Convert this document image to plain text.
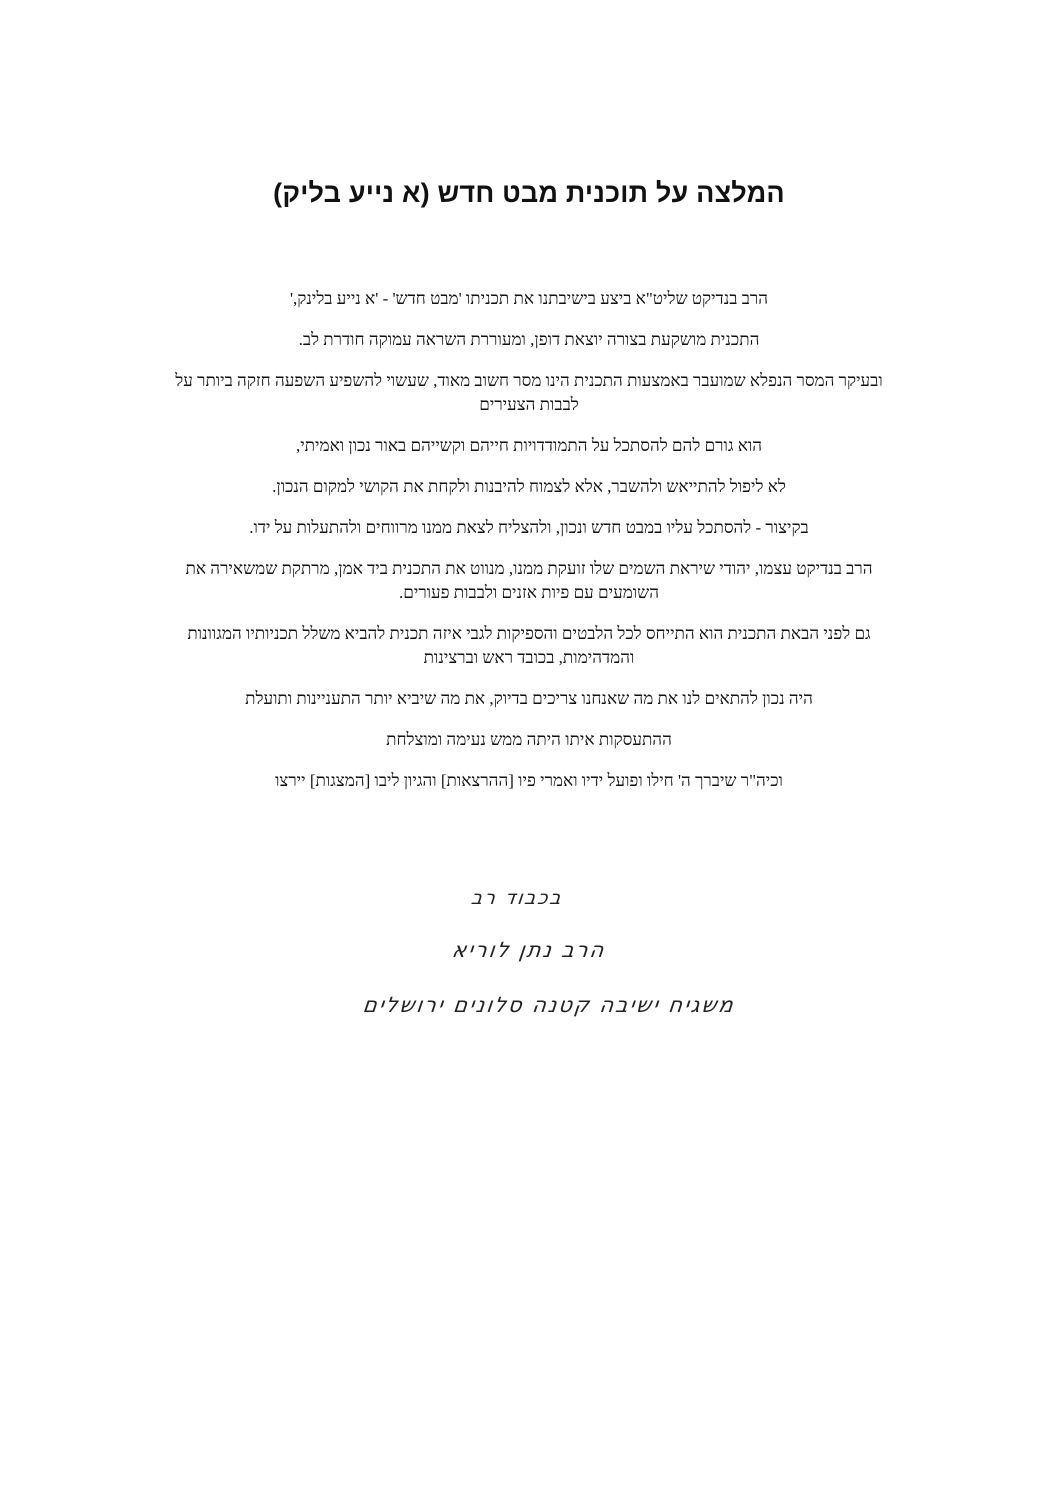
המלצה על תוכנית מבט חדש (א נייע בליק)

הרב בנדיקט שליט"א ביצע בישיבתנו את תכניתו 'מבט חדש' - 'א נייע בלינק,'

התכנית מושקעת בצורה יוצאת דופן, ומעוררת השראה עמוקה חודרת לב.

ובעיקר המסר הנפלא שמועבר באמצעות התכנית הינו מסר חשוב מאוד, שעשוי להשפיע השפעה חזקה ביותר על לבבות הצעירים

הוא גורם להם להסתכל על התמודדויות חייהם וקשייהם באור נכון ואמיתי,

לא ליפול להתייאש ולהשבר, אלא לצמוח להיבנות ולקחת את הקושי למקום הנכון.

בקיצור - להסתכל עליו במבט חדש ונכון, ולהצליח לצאת ממנו מרווחים ולהתעלות על ידו.

הרב בנדיקט עצמו, יהודי שיראת השמים שלו זועקת ממנו, מנווט את התכנית ביד אמן, מרתקת שמשאירה את השומעים עם פיות אזנים ולבבות פעורים.

גם לפני הבאת התכנית הוא התייחס לכל הלבטים והספיקות לגבי איזה תכנית להביא משלל תכניותיו המגוונות והמדהימות, בכובד ראש וברצינות

היה נכון להתאים לנו את מה שאנחנו צריכים בדיוק, את מה שיביא יותר התעניינות ותועלת

ההתעסקות איתו היתה ממש נעימה ומוצלחת

וכיה"ר שיברך ה' חילו ופועל ידיו ואמרי פיו [ההרצאות] והגיון ליבו [המצגות] יירצו

בכבוד רב
הרב נתן לוריא
משגיח ישיבה קטנה סלונים ירושלים
